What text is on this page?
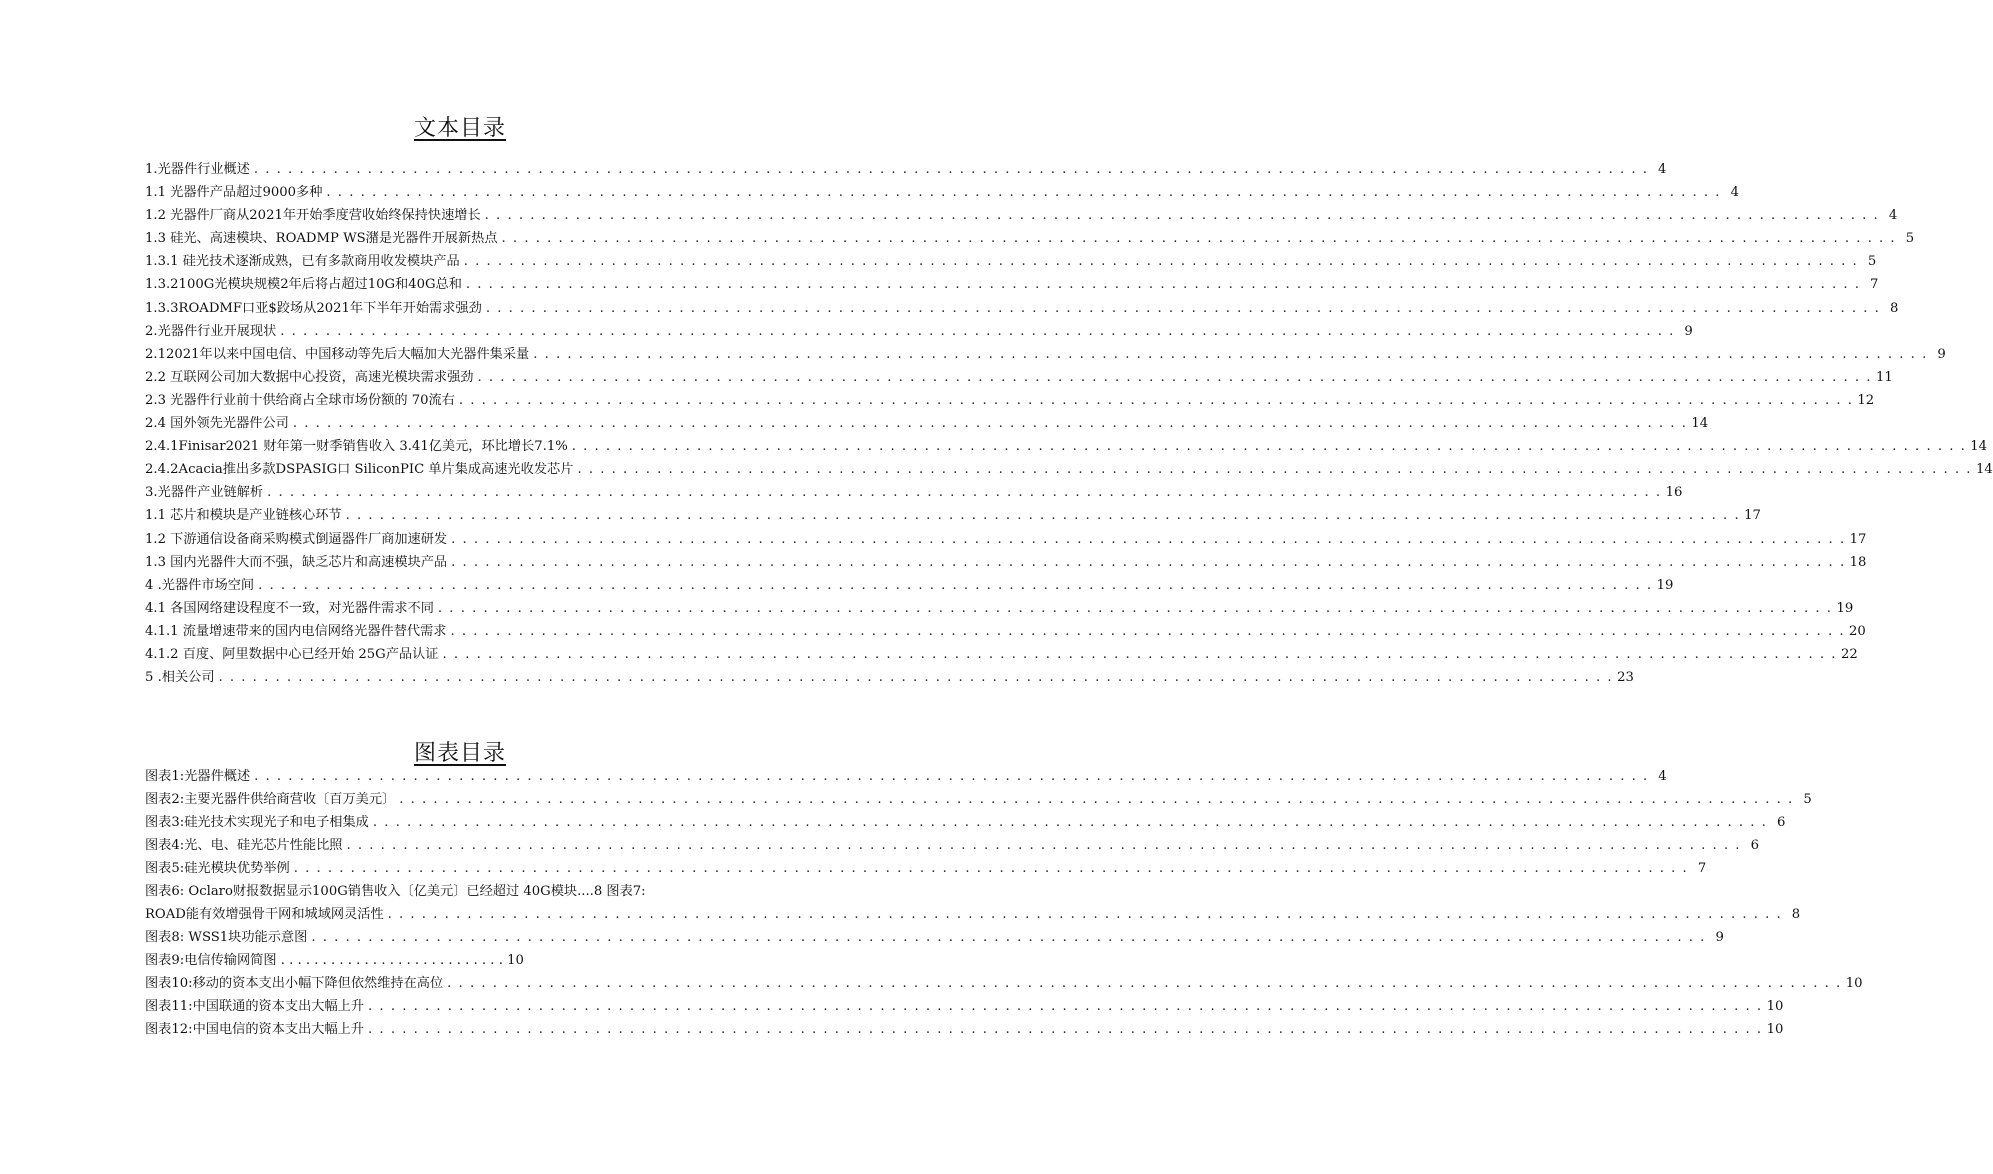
文本目录
1.光器件行业概述 . . .	4
1.1 光器件产品超过9000多种 . . .	4
1.2 光器件厂商从2021年开始季度营收始终保持快速增长 . . .	4
1.3 硅光、高速模块、ROADMP WS潴是光器件开展新热点 . . .	5
1.3.1 硅光技术逐渐成熟，已有多款商用收发模块产品 . . .	5
1.3.2100G光模块规模2年后将占超过10G和40G总和 . . .	7
1.3.3ROADMF口亚$跤场从2021年下半年开始需求强劲 . . .	8
2.光器件行业开展现状 . . .	9
2.12021年以来中国电信、中国移动等先后大幅加大光器件集采量 . . .	9
2.2 互联网公司加大数据中心投资，高速光模块需求强劲 . . .	11
2.3 光器件行业前十供给商占全球市场份额的 70流右 . . .	12
2.4 国外领先光器件公司 . . .	14
2.4.1Finisar2021 财年第一财季销售收入 3.41亿美元，环比增长7.1% . . .	14
2.4.2Acacia推出多款DSPASIG口 SiliconPIC 单片集成高速光收发芯片 . . .	14
3.光器件产业链解析 . . .	16
1.1 芯片和模块是产业链核心环节 . . .	17
1.2 下游通信设备商采购模式倒逼器件厂商加速研发 . . .	17
1.3 国内光器件大而不强，缺乏芯片和高速模块产品 . . .	18
4 .光器件市场空间 . . .	19
4.1 各国网络建设程度不一致，对光器件需求不同 . . .	19
4.1.1 流量增速带来的国内电信网络光器件替代需求 . . .	20
4.1.2 百度、阿里数据中心已经开始 25G产品认证 . . .	22
5 .相关公司 . . .	23
图表目录
图表1:光器件概述 . . .	4
图表2:主要光器件供给商营收〔百万美元〕 . . .	5
图表3:硅光技术实现光子和电子相集成 . . .	6
图表4:光、电、硅光芯片性能比照 . . .	6
图表5:硅光模块优势举例 . . .	7
图表6: Oclaro财报数据显示100G销售收入〔亿美元〕已经超过 40G模块....8 图表7:
ROAD能有效增强骨干网和城域网灵活性 . . .	8
图表8: WSS1块功能示意图 . . .	9
图表9:电信传输网简图 . . . . . . . . . . . . . . . . . . . . . . . . . . . 10
图表10:移动的资本支出小幅下降但依然维持在高位 . . .	10
图表11:中国联通的资本支出大幅上升 . . .	10
图表12:中国电信的资本支出大幅上升 . . .	10
